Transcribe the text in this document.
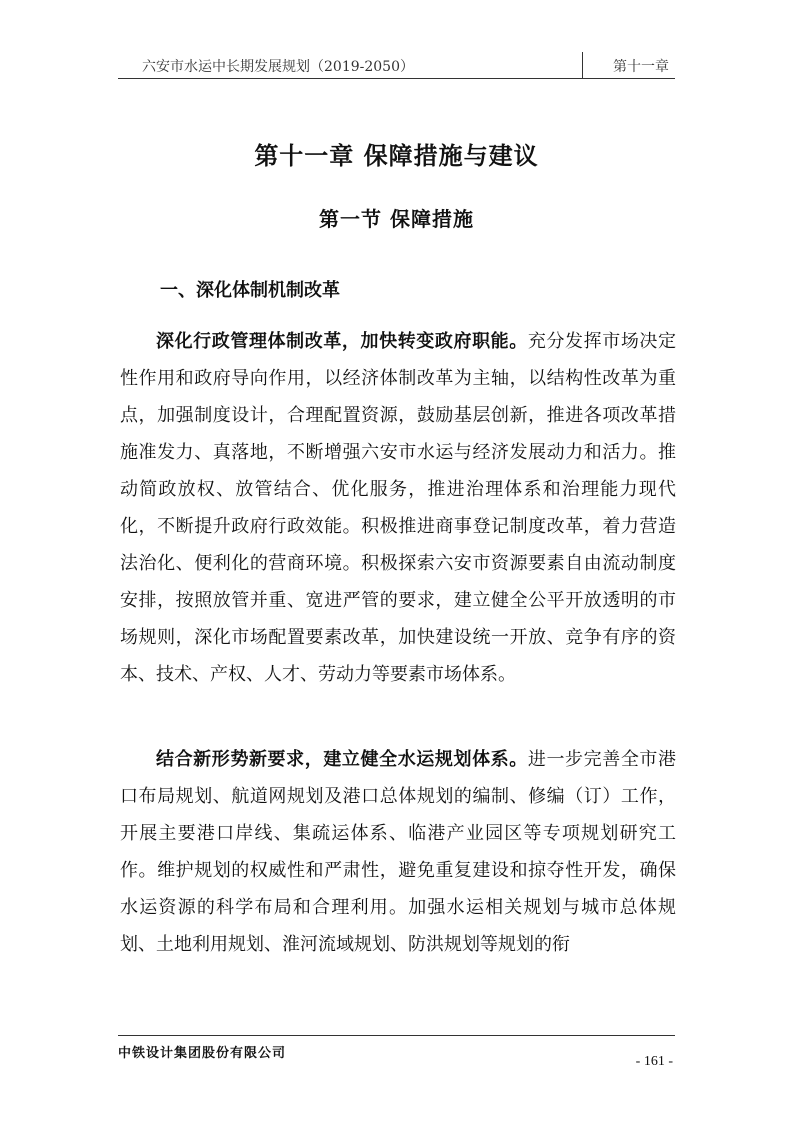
六安市水运中长期发展规划（2019-2050）	第十一章
第十一章 保障措施与建议
第一节 保障措施
一、深化体制机制改革

深化行政管理体制改革，加快转变政府职能。充分发挥市场决定性作用和政府导向作用，以经济体制改革为主轴，以结构性改革为重点，加强制度设计，合理配置资源，鼓励基层创新，推进各项改革措施准发力、真落地，不断增强六安市水运与经济发展动力和活力。推动简政放权、放管结合、优化服务，推进治理体系和治理能力现代化，不断提升政府行政效能。积极推进商事登记制度改革，着力营造法治化、便利化的营商环境。积极探索六安市资源要素自由流动制度安排，按照放管并重、宽进严管的要求，建立健全公平开放透明的市场规则，深化市场配置要素改革，加快建设统一开放、竞争有序的资本、技术、产权、人才、劳动力等要素市场体系。

结合新形势新要求，建立健全水运规划体系。进一步完善全市港口布局规划、航道网规划及港口总体规划的编制、修编（订）工作，开展主要港口岸线、集疏运体系、临港产业园区等专项规划研究工作。维护规划的权威性和严肃性，避免重复建设和掠夺性开发，确保水运资源的科学布局和合理利用。加强水运相关规划与城市总体规划、土地利用规划、淮河流域规划、防洪规划等规划的衔

中铁设计集团股份有限公司
- 161 -
